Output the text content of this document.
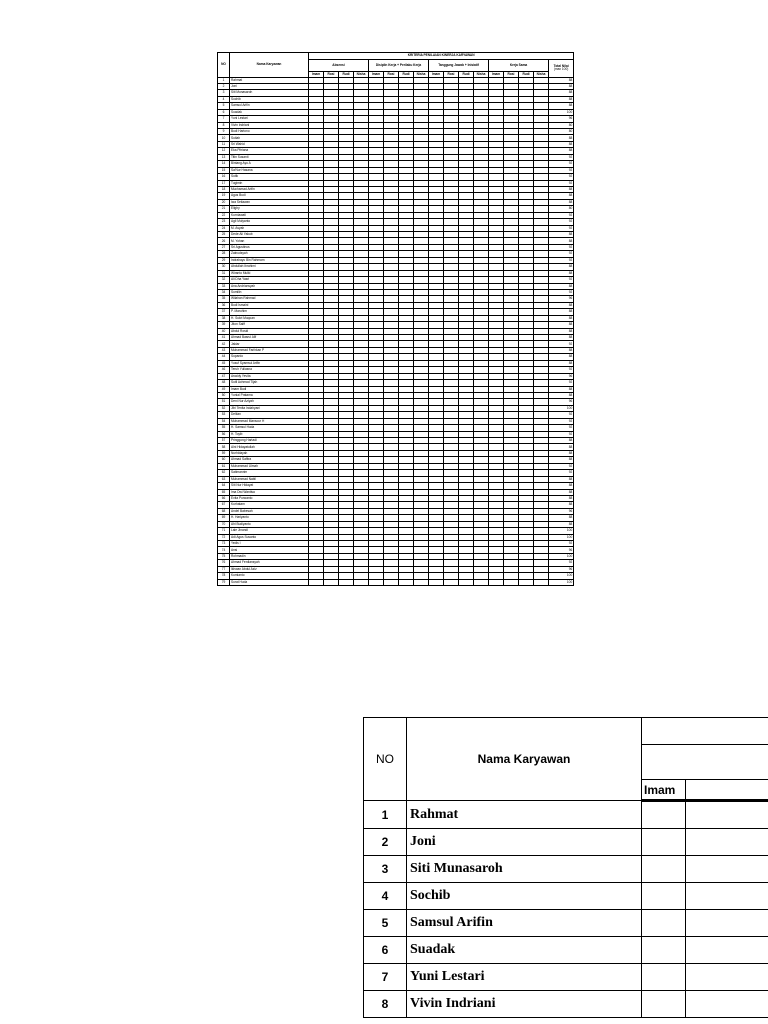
NO	Nama Karyawan	KRITERIA PENILAIAN KINERJA KARYAWAN																
		Absensi				Disiplin Kerja + Perilaku Kerja				Tanggung Jawab + Inisiatif				Kerja Sama				Total Nilai
(max 100)

		Imam	Rosi	Rudi	Nisha	Imam	Rosi	Rudi	Nisha	Imam	Rosi	Rudi	Nisha	Imam	Rosi	Rudi	Nisha	
1	Rahmat																	88
2	Joni																	88
3	Siti Munasaroh																	88
4	Sochib																	88
5	Samsul Arifin																	88
6	Suadak																	100
7	Yuni Lestari																	96
8	Vivin Indriani																	80
9	Budi Hartono																	80
10	Sutiah																	88
11	Sri Wahid																	88
12	Eka Pitriana																	88
13	Titin Susanti																	92
14	Bintang Ayu A																	92
15	Sa'Nur Hasana																	92
16	Sutik																	92
17	Tugimin																	92
18	Muchamad Arifin																	88
19	Agus Budi																	88
20	Iwa Setiawan																	88
21	Elighy																	80
22	Kurniawati																	92
23	Agil Mulyanto																	92
24	M. Asyah																	92
25	Dede Ali Yakub																	88
26	M. Yohan																	88
27	Sri Agustinus																	92
28	Zainudsyah																	92
29	Indrahayu Bin Rahmam																	92
30	Abdullah Ibrahimi																	88
31	Wiranto Mulki																	88
32	Ali Dha Yasri																	92
33	Ana Andriansyah																	88
34	Sumilin																	92
35	Wilahan Rahmad																	96
36	Budi Ismaini																	88
37	P. Maruhim																	88
38	H. Sukri Muqoan																	88
39	Jiton Saiff																	88
40	Abdul Rosid																	88
41	Ahmad Basrul Alif																	88
42	Jakiar																	92
43	Muhammad Farihkan P																	88
44	Supardo																	88
45	Yusuf Syamsul Arifin																	88
46	Teruh Yuliasna																	92
47	Aswidy Yevita																	96
48	Sutil Achmad Tijah																	92
49	Imam Budi																	88
50	Yunial Pratama																	88
51	Deni Nur Aziyah																	96
52	Jihi Tenita Indahyani																	100
53	Deltian																	92
54	Muhammad Mansour H																	92
55	H. Samsul Huda																	92
56	H. Toyib																	92
57	Pringgong Hartadi																	88
58	Alni Hidayatullah																	88
59	Nurhidayah																	88
60	Ahmad Safitra																	88
61	Muhammad Ulmah																	92
62	Satimanrim																	92
63	Muhammad Nabil																	88
64	Siti Nur Hidayat																	88
65	Ima Dwi Wantisa																	88
66	Evita Purwanto																	88
67	Kurhatam																	88
68	Andel Babesah																	96
69	H. Harlyanto																	88
70	Ahi Budiyanto																	88
71	Lale Jinandi																	100
72	Adi Agus Susanto																	100
73	Yedis I																	92
74	Ansi																	96
75	Rohmadin																	100
76	Ahmad Ferdiansyah																	92
77	Ikhwan Abdul Aziz																	96
78	Kumianto																	100
79	Surat Huda																	100
NO	Nama Karyawan		

		Imam	
1	Rahmat		
2	Joni		
3	Siti Munasaroh		
4	Sochib		
5	Samsul Arifin		
6	Suadak		
7	Yuni Lestari		
8	Vivin Indriani		
